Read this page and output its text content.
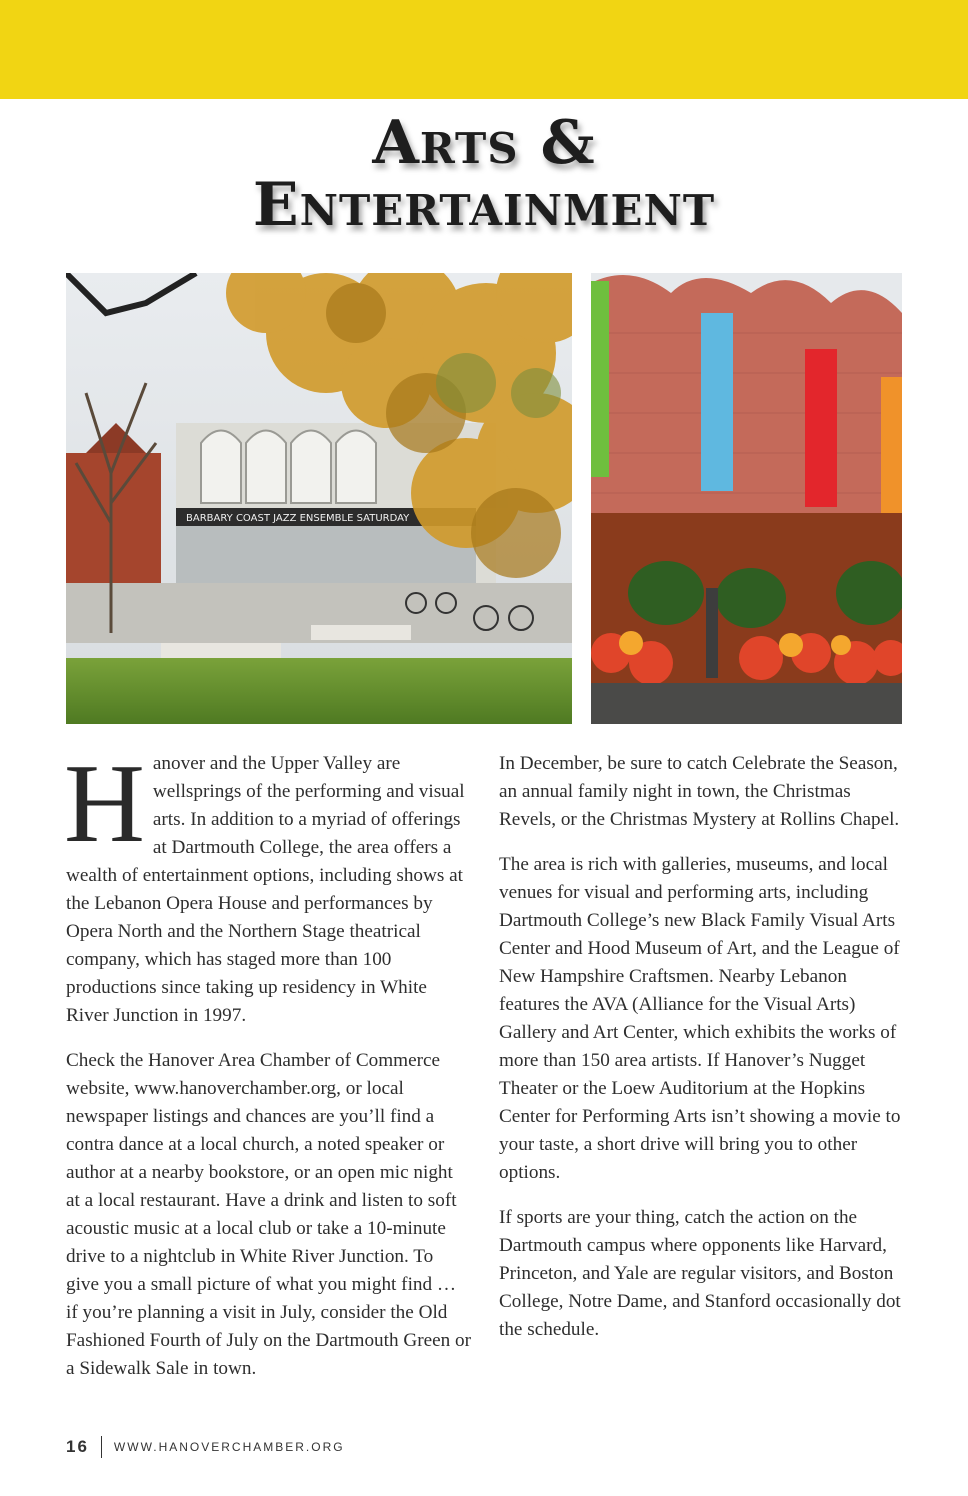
Arts &
Entertainment
BARBARY COAST JAZZ ENSEMBLE SATURDAY

Hanover and the Upper Valley are wellsprings of the performing and visual arts. In addition to a myriad of offerings at Dartmouth College, the area offers a wealth of entertainment options, including shows at the Lebanon Opera House and performances by Opera North and the Northern Stage theatrical company, which has staged more than 100 productions since taking up residency in White River Junction in 1997.

Check the Hanover Area Chamber of Commerce website, www.hanoverchamber.org, or local newspaper listings and chances are you’ll find a contra dance at a local church, a noted speaker or author at a nearby bookstore, or an open mic night at a local restaurant. Have a drink and listen to soft acoustic music at a local club or take a 10-minute drive to a nightclub in White River Junction. To give you a small picture of what you might find … if you’re planning a visit in July, consider the Old Fashioned Fourth of July on the Dartmouth Green or a Sidewalk Sale in town.

In December, be sure to catch Celebrate the Season, an annual family night in town, the Christmas Revels, or the Christmas Mystery at Rollins Chapel.

The area is rich with galleries, museums, and local venues for visual and performing arts, including Dartmouth College’s new Black Family Visual Arts Center and Hood Museum of Art, and the League of New Hampshire Craftsmen. Nearby Lebanon features the AVA (Alliance for the Visual Arts) Gallery and Art Center, which exhibits the works of more than 150 area artists. If Hanover’s Nugget Theater or the Loew Auditorium at the Hopkins Center for Performing Arts isn’t showing a movie to your taste, a short drive will bring you to other options.

If sports are your thing, catch the action on the Dartmouth campus where opponents like Harvard, Princeton, and Yale are regular visitors, and Boston College, Notre Dame, and Stanford occasionally dot the schedule.

16 WWW.HANOVERCHAMBER.ORG
